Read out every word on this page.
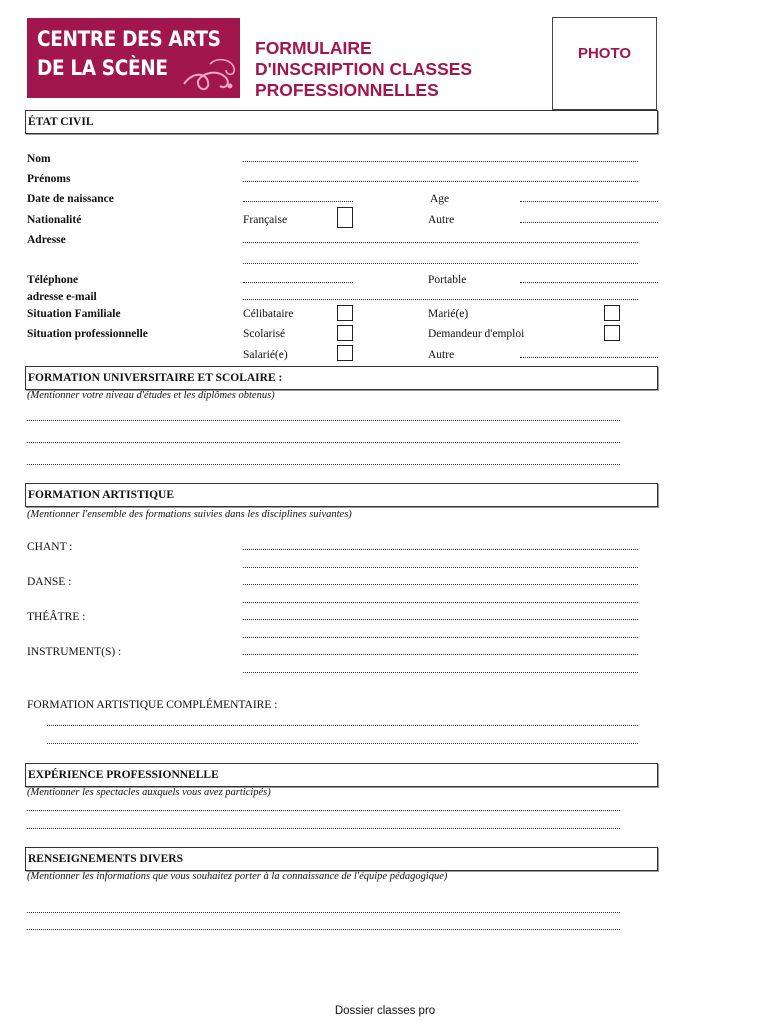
CENTRE DES ARTS
DE LA SCÈNE
FORMULAIRE
D'INSCRIPTION CLASSES
PROFESSIONNELLES
PHOTO
ÉTAT CIVIL
Nom
Prénoms
Date de naissance	Age
Nationalité	Française	Autre
Adresse
Téléphone	Portable
adresse e-mail
Situation Familiale	Célibataire	Marié(e)
Situation professionnelle	Scolarisé	Demandeur d'emploi
Salarié(e)	Autre
FORMATION UNIVERSITAIRE ET SCOLAIRE :
(Mentionner votre niveau d'études et les diplômes obtenus)
FORMATION ARTISTIQUE
(Mentionner l'ensemble des formations suivies dans les disciplines suivantes)
CHANT :
DANSE :
THÉÂTRE :
INSTRUMENT(S) :
FORMATION ARTISTIQUE COMPLÉMENTAIRE :
EXPÉRIENCE PROFESSIONNELLE
(Mentionner les spectacles auxquels vous avez participés)
RENSEIGNEMENTS DIVERS
(Mentionner les informations que vous souhaitez porter à la connaissance de l'équipe pédagogique)
Dossier classes pro
